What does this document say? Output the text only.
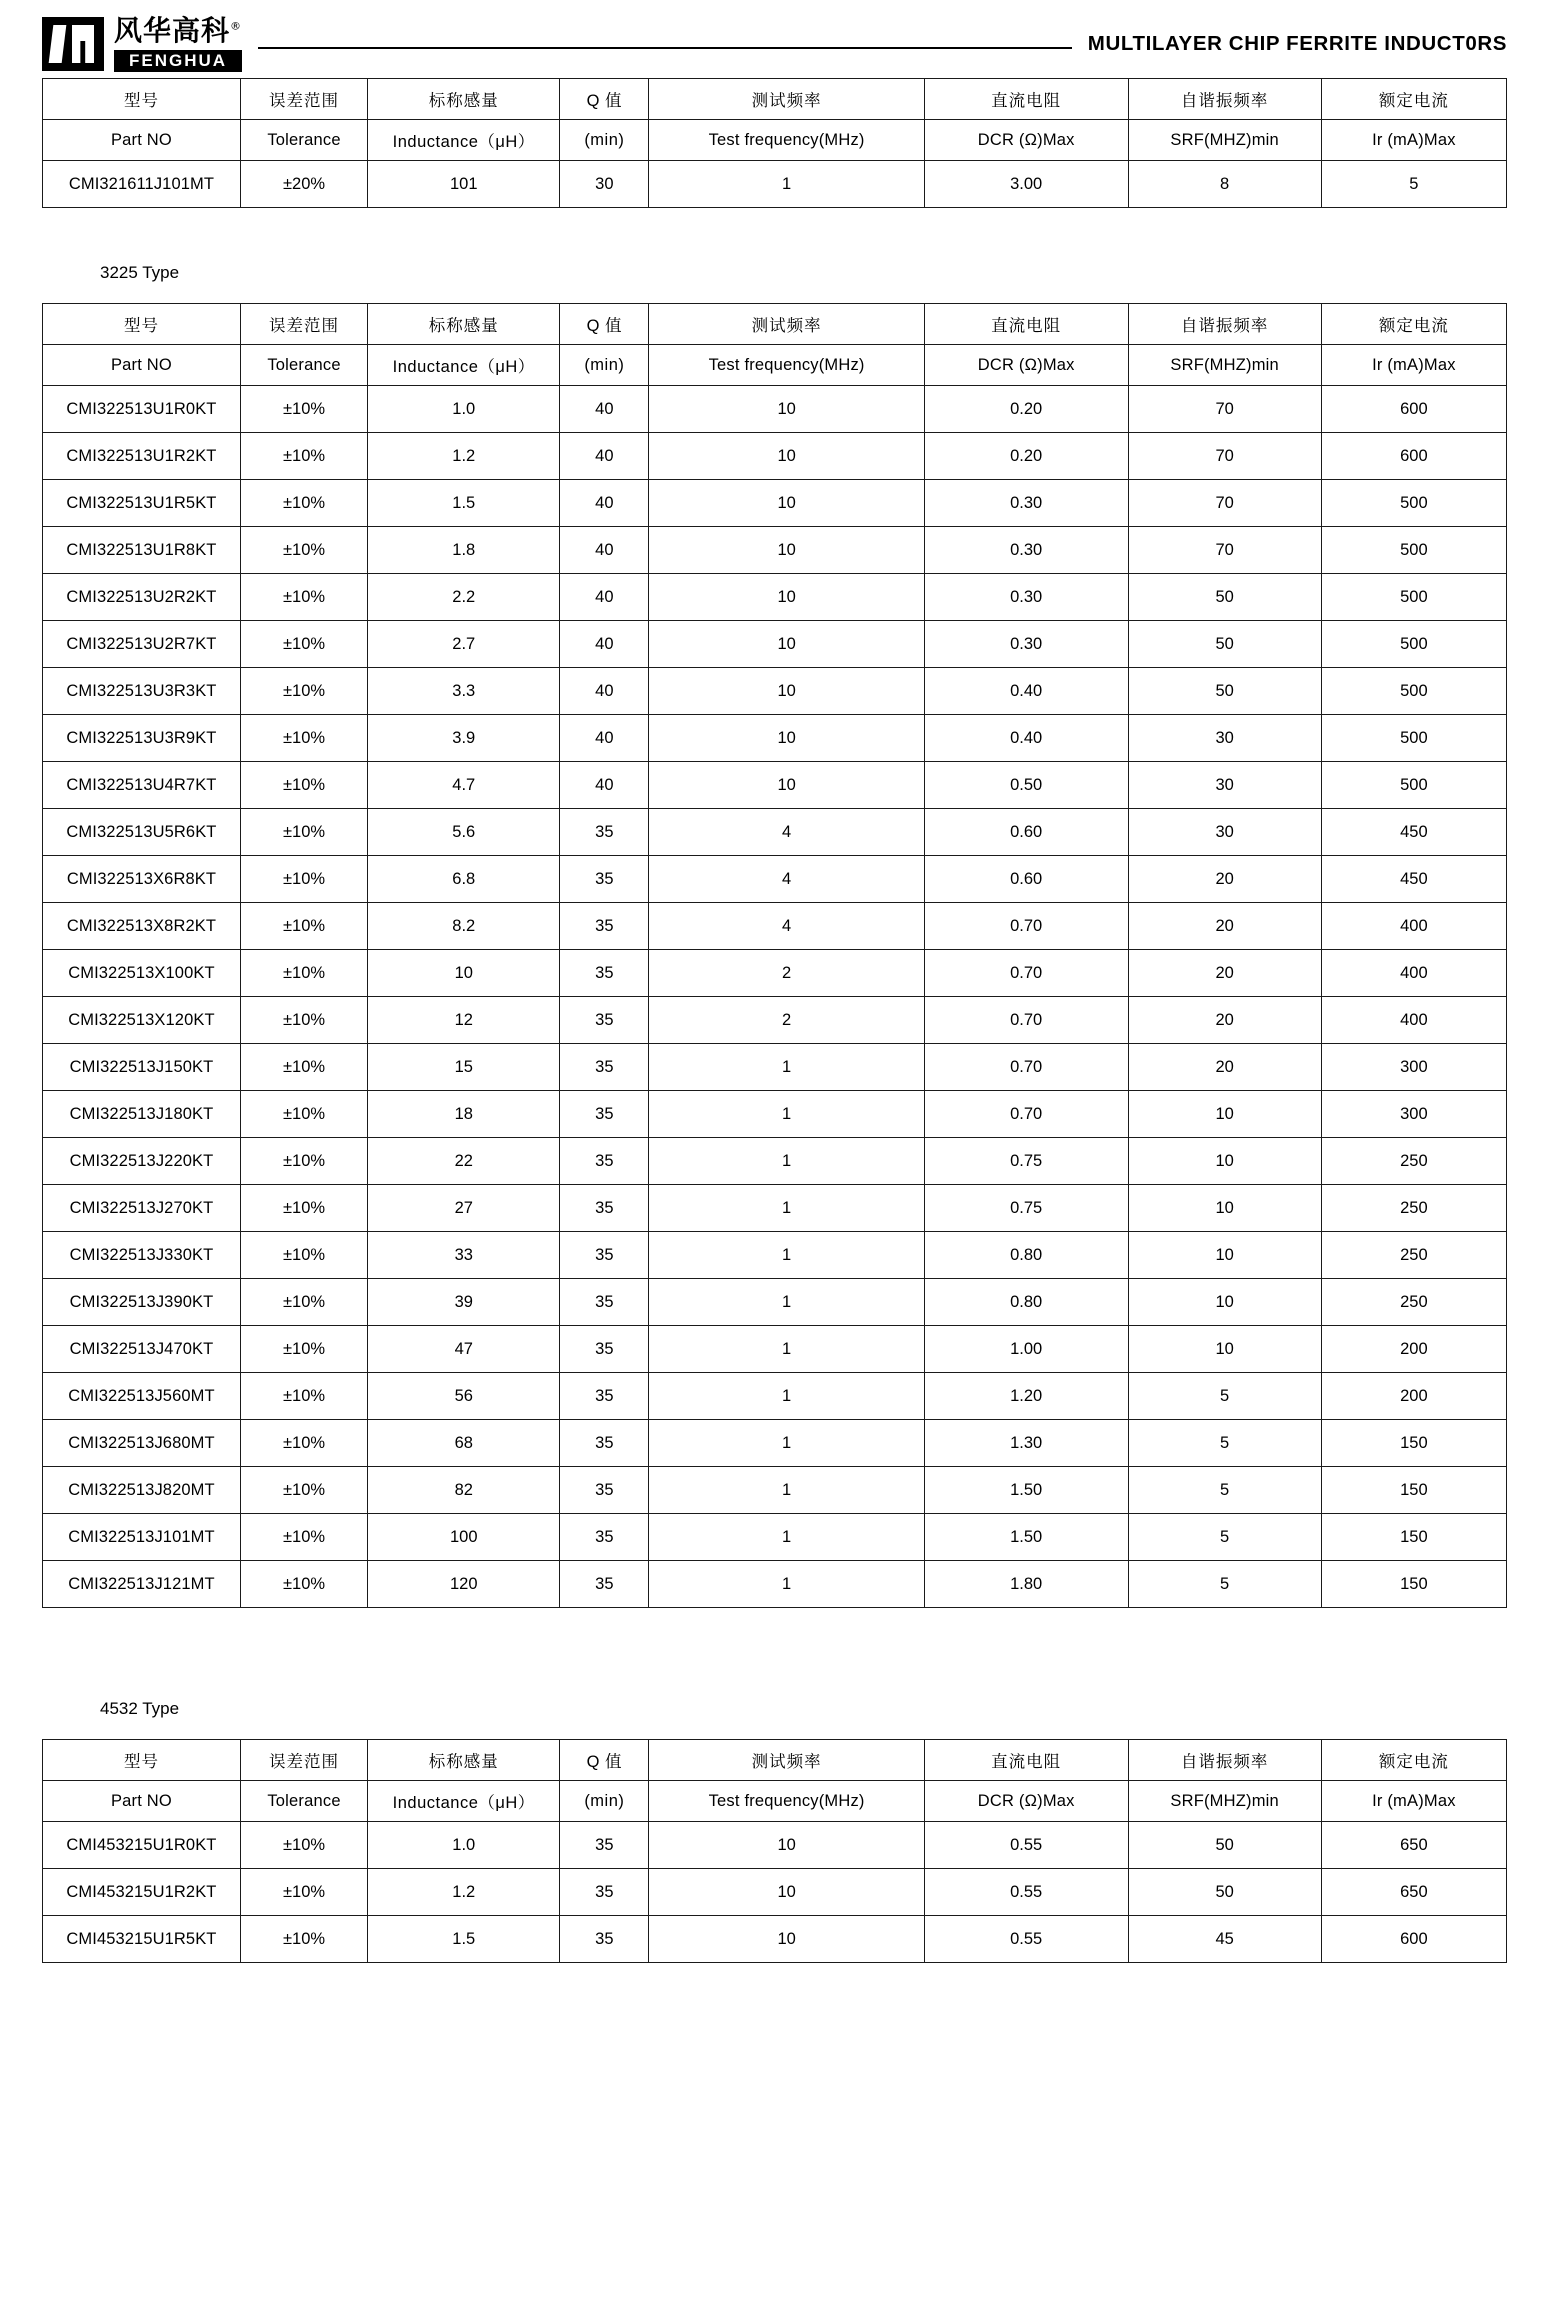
风华高科®
FENGHUA
MULTILAYER CHIP FERRITE INDUCT0RS
型号	误差范围	标称感量	Q 值	测试频率	直流电阻	自谐振频率	额定电流
Part NO	Tolerance	Inductance（μH）	(min)	Test frequency(MHz)	DCR (Ω)Max	SRF(MHZ)min	Ir (mA)Max
CMI321611J101MT	±20%	101	30	1	3.00	8	5
3225 Type
型号	误差范围	标称感量	Q 值	测试频率	直流电阻	自谐振频率	额定电流
Part NO	Tolerance	Inductance（μH）	(min)	Test frequency(MHz)	DCR (Ω)Max	SRF(MHZ)min	Ir (mA)Max
CMI322513U1R0KT	±10%	1.0	40	10	0.20	70	600
CMI322513U1R2KT	±10%	1.2	40	10	0.20	70	600
CMI322513U1R5KT	±10%	1.5	40	10	0.30	70	500
CMI322513U1R8KT	±10%	1.8	40	10	0.30	70	500
CMI322513U2R2KT	±10%	2.2	40	10	0.30	50	500
CMI322513U2R7KT	±10%	2.7	40	10	0.30	50	500
CMI322513U3R3KT	±10%	3.3	40	10	0.40	50	500
CMI322513U3R9KT	±10%	3.9	40	10	0.40	30	500
CMI322513U4R7KT	±10%	4.7	40	10	0.50	30	500
CMI322513U5R6KT	±10%	5.6	35	4	0.60	30	450
CMI322513X6R8KT	±10%	6.8	35	4	0.60	20	450
CMI322513X8R2KT	±10%	8.2	35	4	0.70	20	400
CMI322513X100KT	±10%	10	35	2	0.70	20	400
CMI322513X120KT	±10%	12	35	2	0.70	20	400
CMI322513J150KT	±10%	15	35	1	0.70	20	300
CMI322513J180KT	±10%	18	35	1	0.70	10	300
CMI322513J220KT	±10%	22	35	1	0.75	10	250
CMI322513J270KT	±10%	27	35	1	0.75	10	250
CMI322513J330KT	±10%	33	35	1	0.80	10	250
CMI322513J390KT	±10%	39	35	1	0.80	10	250
CMI322513J470KT	±10%	47	35	1	1.00	10	200
CMI322513J560MT	±10%	56	35	1	1.20	5	200
CMI322513J680MT	±10%	68	35	1	1.30	5	150
CMI322513J820MT	±10%	82	35	1	1.50	5	150
CMI322513J101MT	±10%	100	35	1	1.50	5	150
CMI322513J121MT	±10%	120	35	1	1.80	5	150
4532 Type
型号	误差范围	标称感量	Q 值	测试频率	直流电阻	自谐振频率	额定电流
Part NO	Tolerance	Inductance（μH）	(min)	Test frequency(MHz)	DCR (Ω)Max	SRF(MHZ)min	Ir (mA)Max
CMI453215U1R0KT	±10%	1.0	35	10	0.55	50	650
CMI453215U1R2KT	±10%	1.2	35	10	0.55	50	650
CMI453215U1R5KT	±10%	1.5	35	10	0.55	45	600
